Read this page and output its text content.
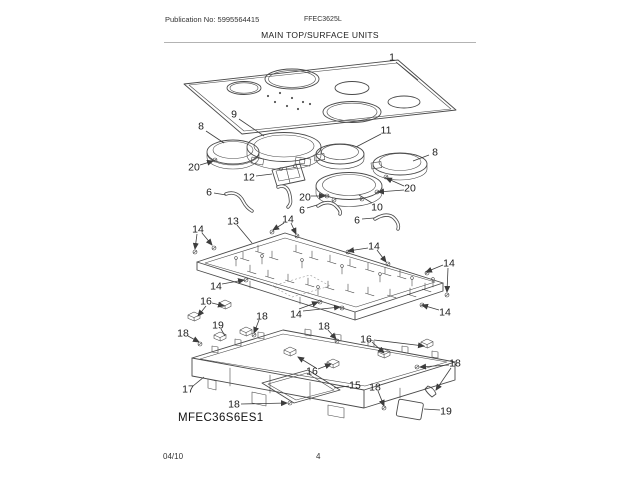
Publication No: 5995564415	FFEC3625L
MAIN TOP/SURFACE UNITS
1
8
9
11
8
20
12
20
10
20
6
6
6
13
14
14
14
14
14
14	14
16
19
18
18
18
16
16
18
15 18
17
18
19
MFEC36S6ES1
04/10	4
